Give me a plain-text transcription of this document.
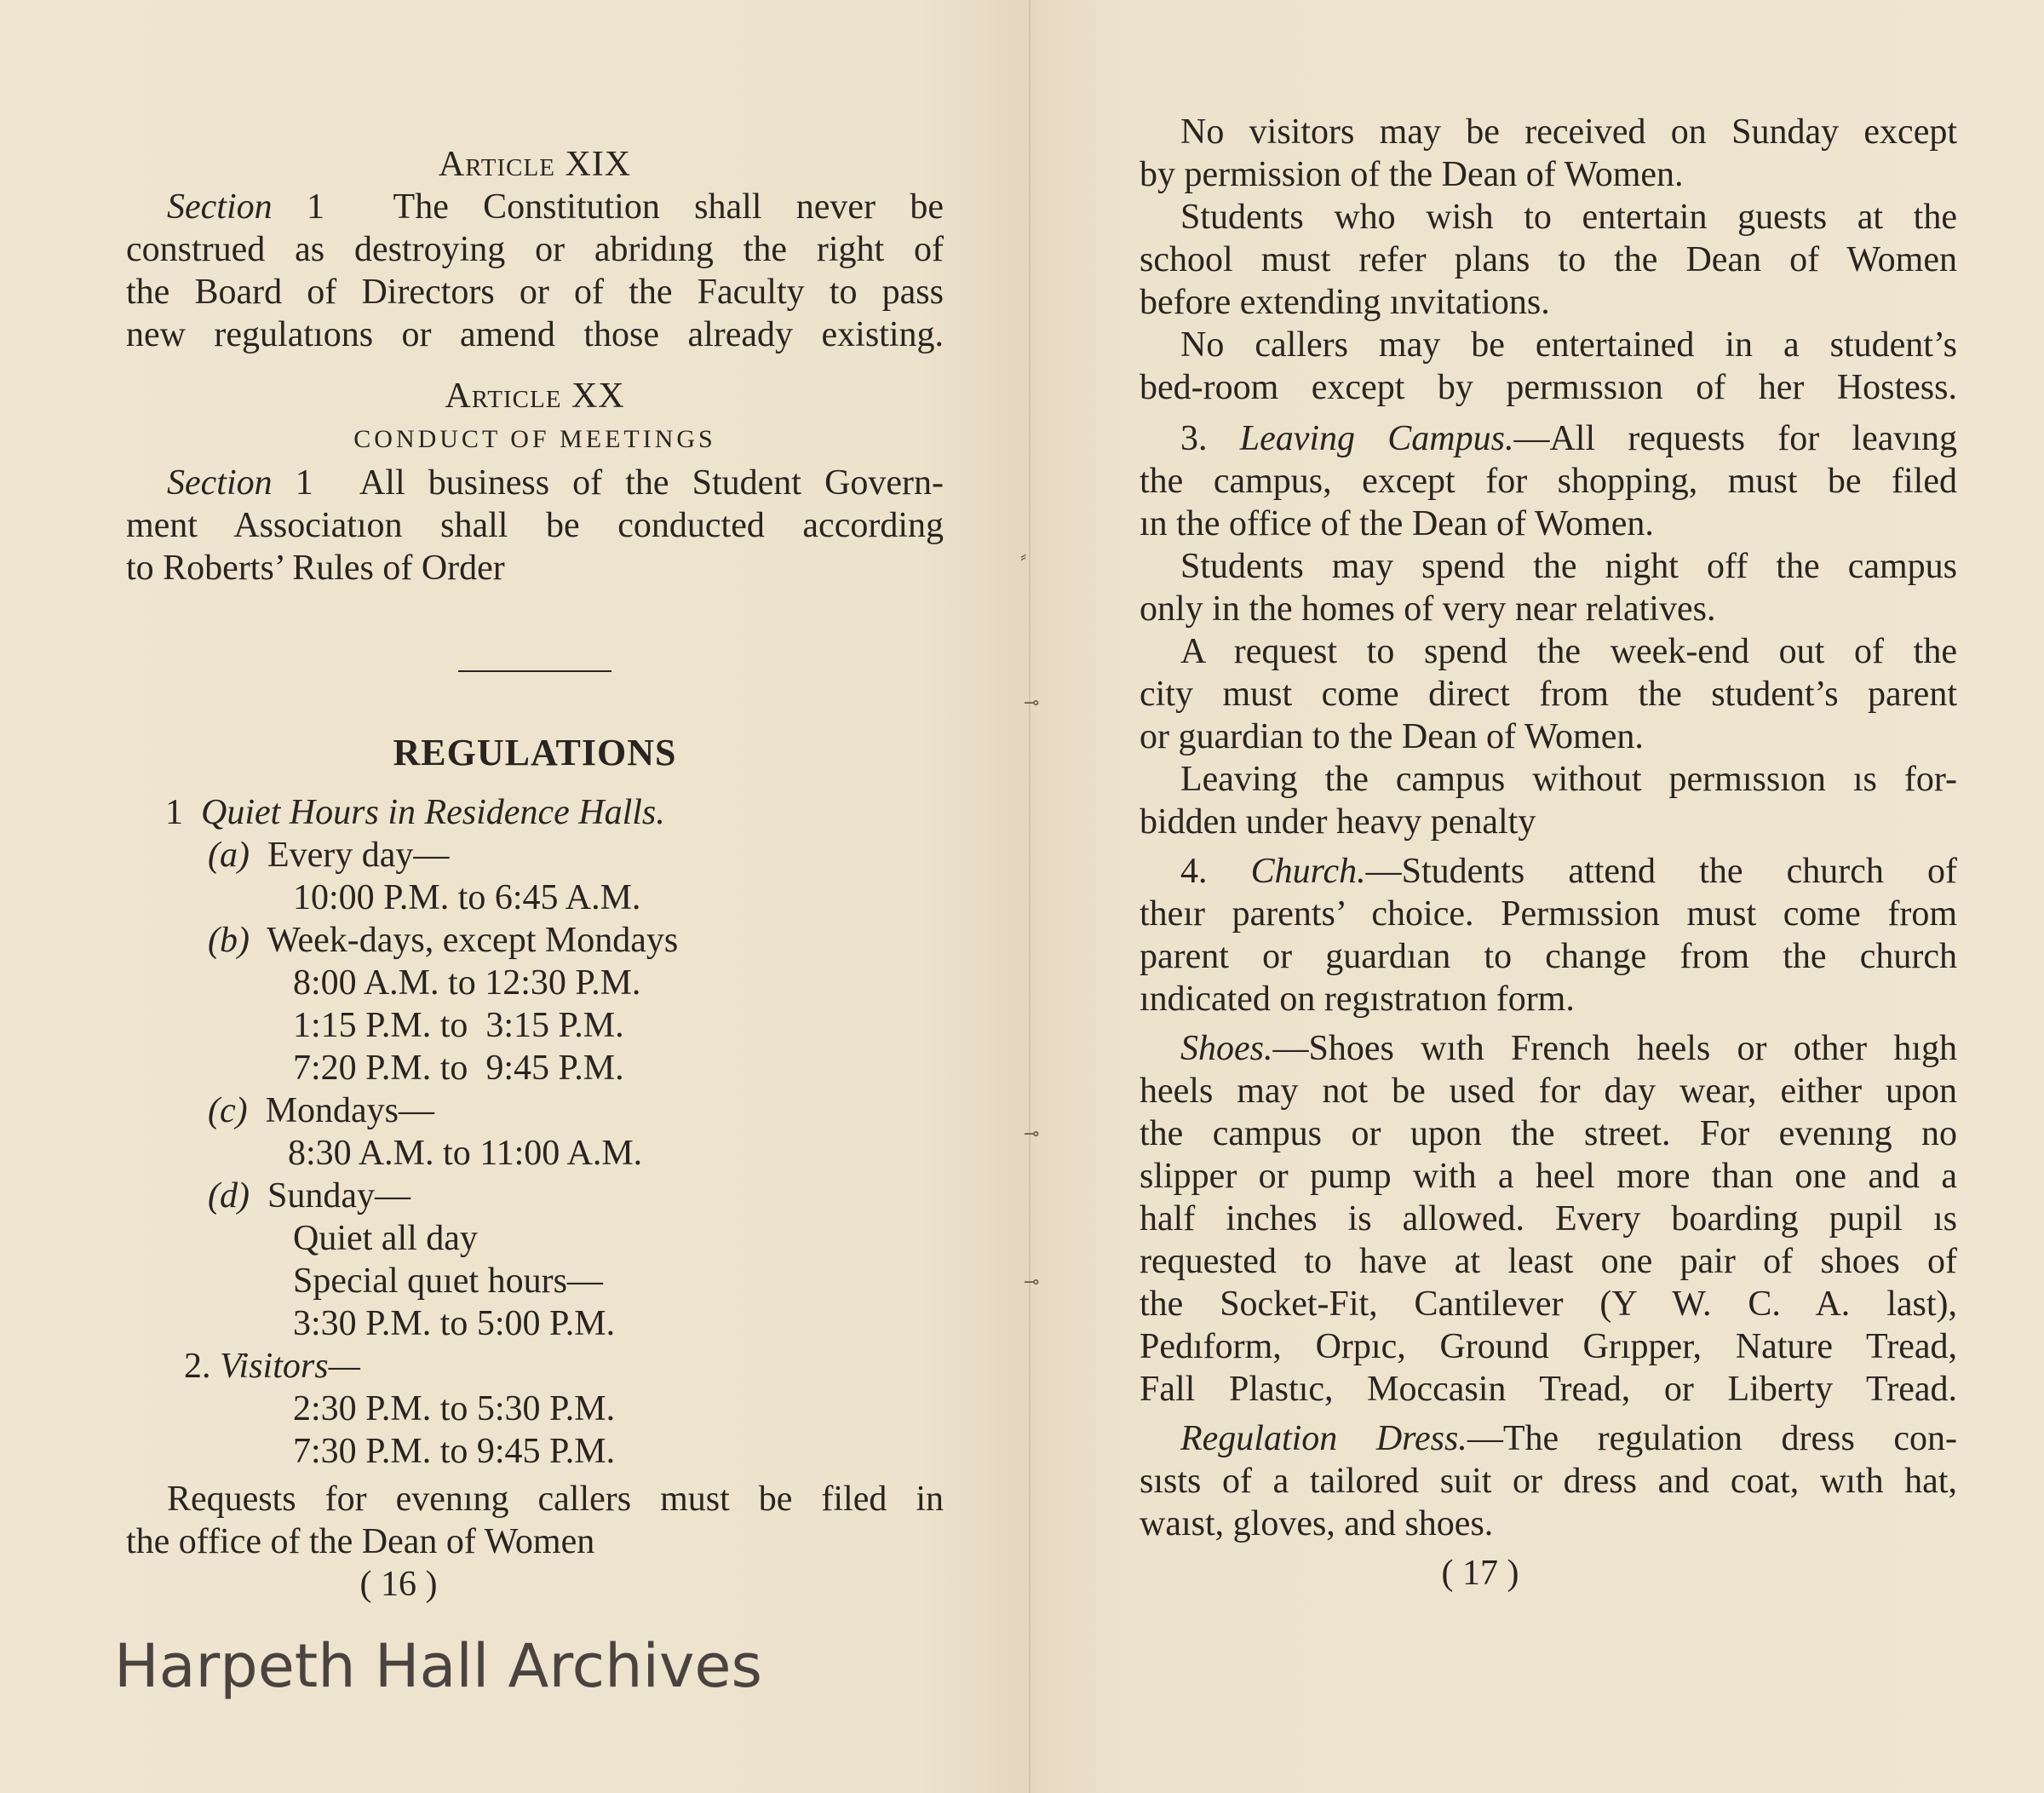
⸗
⊸
⊸
⊸
Article XIX
Section 1 The Constitution shall never be
construed as destroying or abridıng the right of
the Board of Directors or of the Faculty to pass
new regulatıons or amend those already existing.
Article XX
CONDUCT OF MEETINGS
Section 1 All business of the Student Govern-
ment Associatıon shall be conducted according
to Roberts’ Rules of Order
REGULATIONS
1 Quiet Hours in Residence Halls.
(a) Every day—
10:00 P.M. to 6:45 A.M.
(b) Week-days, except Mondays
8:00 A.M. to 12:30 P.M.
1:15 P.M. to  3:15 P.M.
7:20 P.M. to  9:45 P.M.
(c) Mondays—
8:30 A.M. to 11:00 A.M.
(d) Sunday—
Quiet all day
Special quıet hours—
3:30 P.M. to 5:00 P.M.
2. Visitors—
2:30 P.M. to 5:30 P.M.
7:30 P.M. to 9:45 P.M.
Requests for evenıng callers must be filed in
the office of the Dean of Women
( 16 )
Harpeth Hall Archives
No visitors may be received on Sunday except
by permission of the Dean of Women.
Students who wish to entertain guests at the
school must refer plans to the Dean of Women
before extending ınvitations.
No callers may be entertained in a student’s
bed-room except by permıssıon of her Hostess.
3. Leaving Campus.—All requests for leavıng
the campus, except for shopping, must be filed
ın the office of the Dean of Women.
Students may spend the night off the campus
only in the homes of very near relatives.
A request to spend the week-end out of the
city must come direct from the student’s parent
or guardian to the Dean of Women.
Leaving the campus without permıssıon ıs for-
bidden under heavy penalty
4. Church.—Students attend the church of
theır parents’ choice. Permıssion must come from
parent or guardıan to change from the church
ındicated on regıstratıon form.
Shoes.—Shoes wıth French heels or other hıgh
heels may not be used for day wear, either upon
the campus or upon the street. For evenıng no
slipper or pump with a heel more than one and a
half inches is allowed. Every boarding pupil ıs
requested to have at least one pair of shoes of
the Socket-Fit, Cantilever (Y W. C. A. last),
Pedıform, Orpıc, Ground Grıpper, Nature Tread,
Fall Plastıc, Moccasin Tread, or Liberty Tread.
Regulation Dress.—The regulation dress con-
sısts of a tailored suit or dress and coat, wıth hat,
waıst, gloves, and shoes.
( 17 )
